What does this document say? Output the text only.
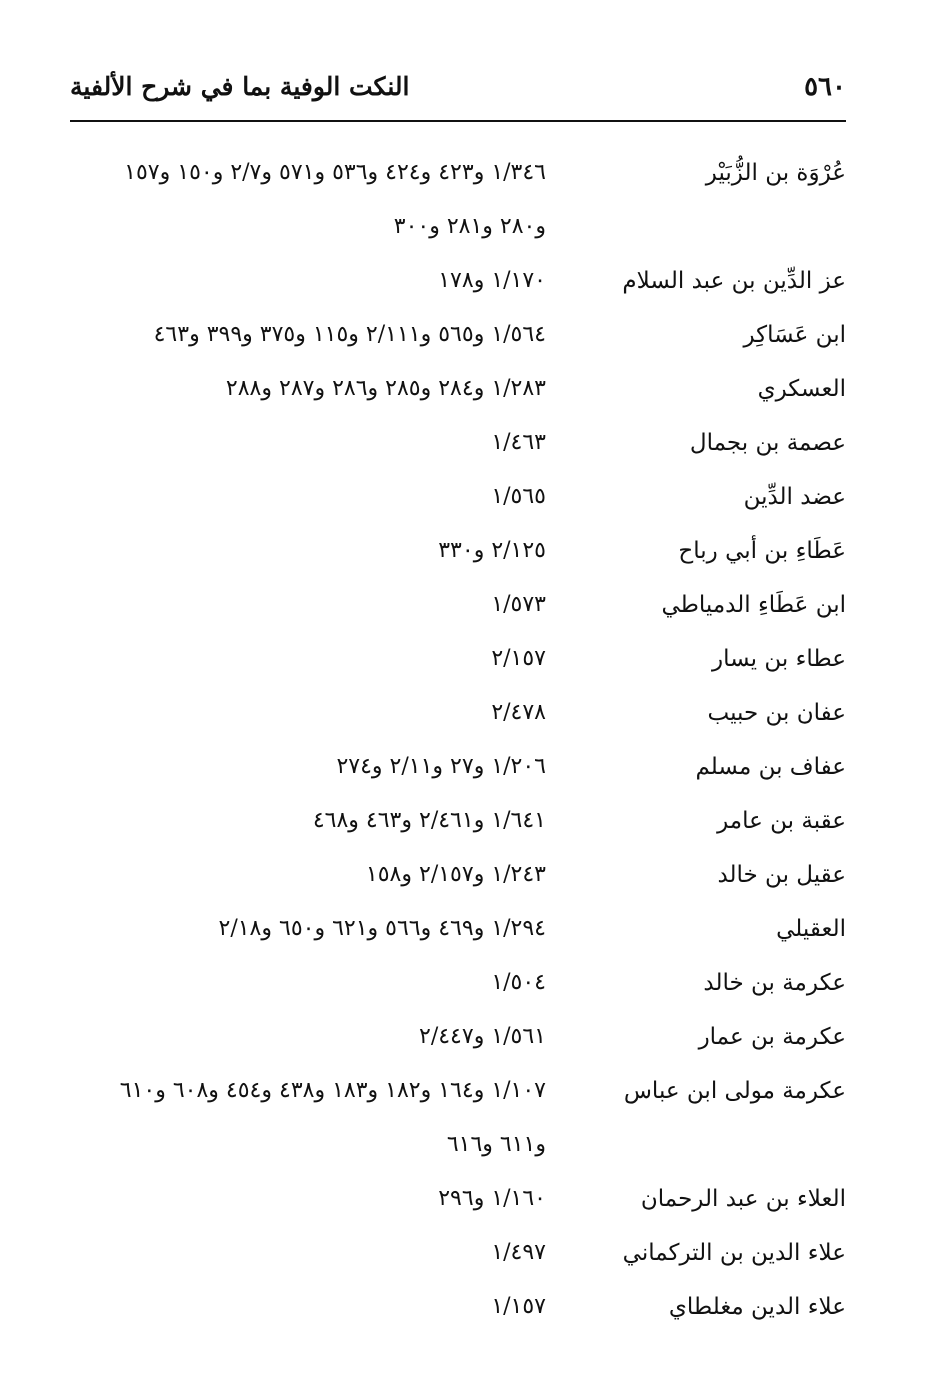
٥٦٠
النكت الوفية بما في شرح الألفية
عُرْوَة بن الزُّبَيْر
١/٣٤٦ و٤٢٣ و٤٢٤ و٥٣٦ و٥٧١ و٢/٧ و١٥٠ و١٥٧
و٢٨٠ و٢٨١ و٣٠٠
عز الدِّين بن عبد السلام
١/١٧٠ و١٧٨
ابن عَسَاكِر
١/٥٦٤ و٥٦٥ و٢/١١١ و١١٥ و٣٧٥ و٣٩٩ و٤٦٣
العسكري
١/٢٨٣ و٢٨٤ و٢٨٥ و٢٨٦ و٢٨٧ و٢٨٨
عصمة بن بجمال
١/٤٦٣
عضد الدِّين
١/٥٦٥
عَطَاءِ بن أبي رباح
٢/١٢٥ و٣٣٠
ابن عَطَاءِ الدمياطي
١/٥٧٣
عطاء بن يسار
٢/١٥٧
عفان بن حبيب
٢/٤٧٨
عفاف بن مسلم
١/٢٠٦ و٢٧ و٢/١١ و٢٧٤
عقبة بن عامر
١/٦٤١ و٢/٤٦١ و٤٦٣ و٤٦٨
عقيل بن خالد
١/٢٤٣ و٢/١٥٧ و١٥٨
العقيلي
١/٢٩٤ و٤٦٩ و٥٦٦ و٦٢١ و٦٥٠ و٢/١٨
عكرمة بن خالد
١/٥٠٤
عكرمة بن عمار
١/٥٦١ و٢/٤٤٧
عكرمة مولى ابن عباس
١/١٠٧ و١٦٤ و١٨٢ و١٨٣ و٤٣٨ و٤٥٤ و٦٠٨ و٦١٠
و٦١١ و٦١٦
العلاء بن عبد الرحمان
١/١٦٠ و٢٩٦
علاء الدين بن التركماني
١/٤٩٧
علاء الدين مغلطاي
١/١٥٧
